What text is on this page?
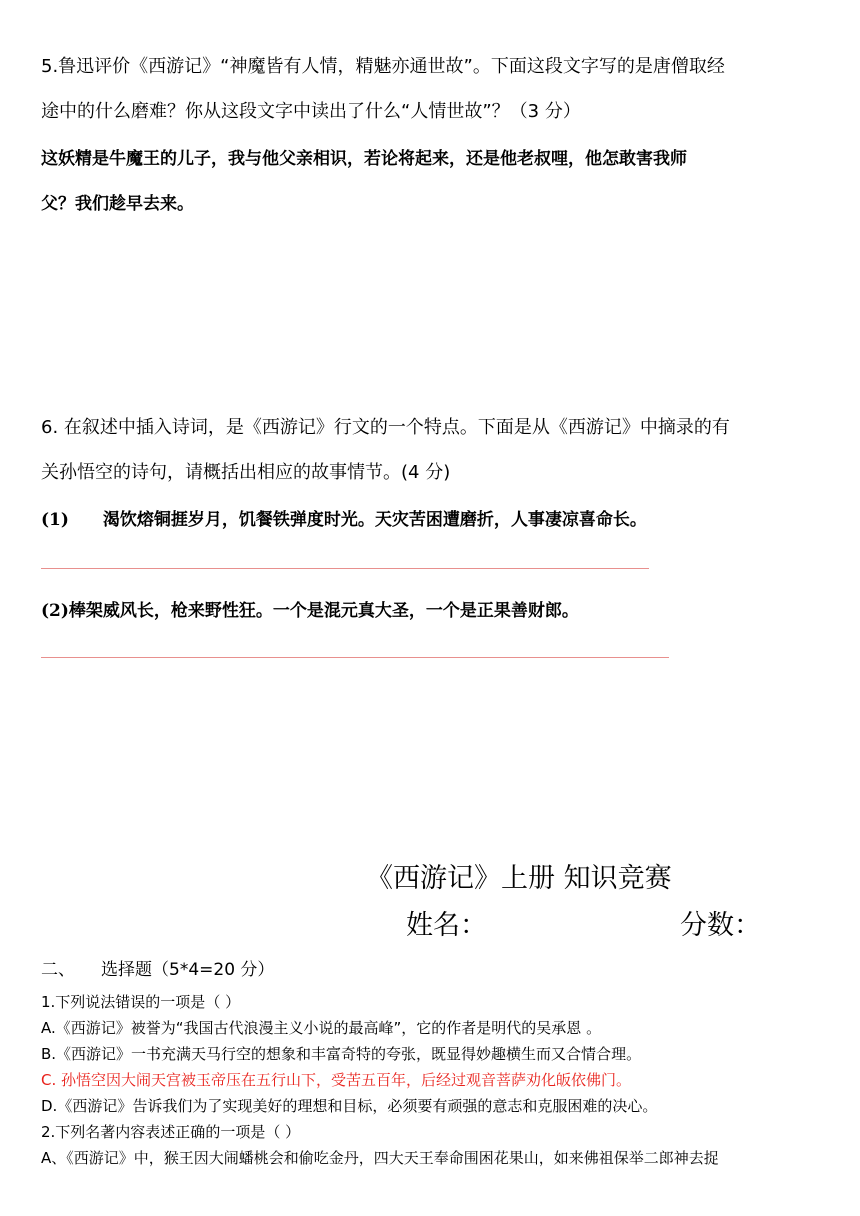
5.鲁迅评价《西游记》“神魔皆有人情，精魅亦通世故”。下面这段文字写的是唐僧取经
途中的什么磨难？你从这段文字中读出了什么“人情世故”？（3 分）
这妖精是牛魔王的儿子，我与他父亲相识，若论将起来，还是他老叔哩，他怎敢害我师
父？我们趁早去来。
6. 在叙述中插入诗词，是《西游记》行文的一个特点。下面是从《西游记》中摘录的有
关孙悟空的诗句，请概括出相应的故事情节。(4 分)
(1) 渴饮熔铜捱岁月，饥餐铁弹度时光。天灾苦困遭磨折，人事凄凉喜命长。
(2)棒架威风长，枪来野性狂。一个是混元真大圣，一个是正果善财郎。
《西游记》上册 知识竞赛
姓名：	分数：
二、 选择题（5*4=20 分）
1.下列说法错误的一项是（ ）
A.《西游记》被誉为“我国古代浪漫主义小说的最高峰”，它的作者是明代的吴承恩 。
B.《西游记》一书充满天马行空的想象和丰富奇特的夸张，既显得妙趣横生而又合情合理。
C. 孙悟空因大闹天宫被玉帝压在五行山下，受苦五百年，后经过观音菩萨劝化皈依佛门。
D.《西游记》告诉我们为了实现美好的理想和目标，必须要有顽强的意志和克服困难的决心。
2.下列名著内容表述正确的一项是（ ）
A、《西游记》中，猴王因大闹蟠桃会和偷吃金丹，四大天王奉命围困花果山，如来佛祖保举二郎神去捉
